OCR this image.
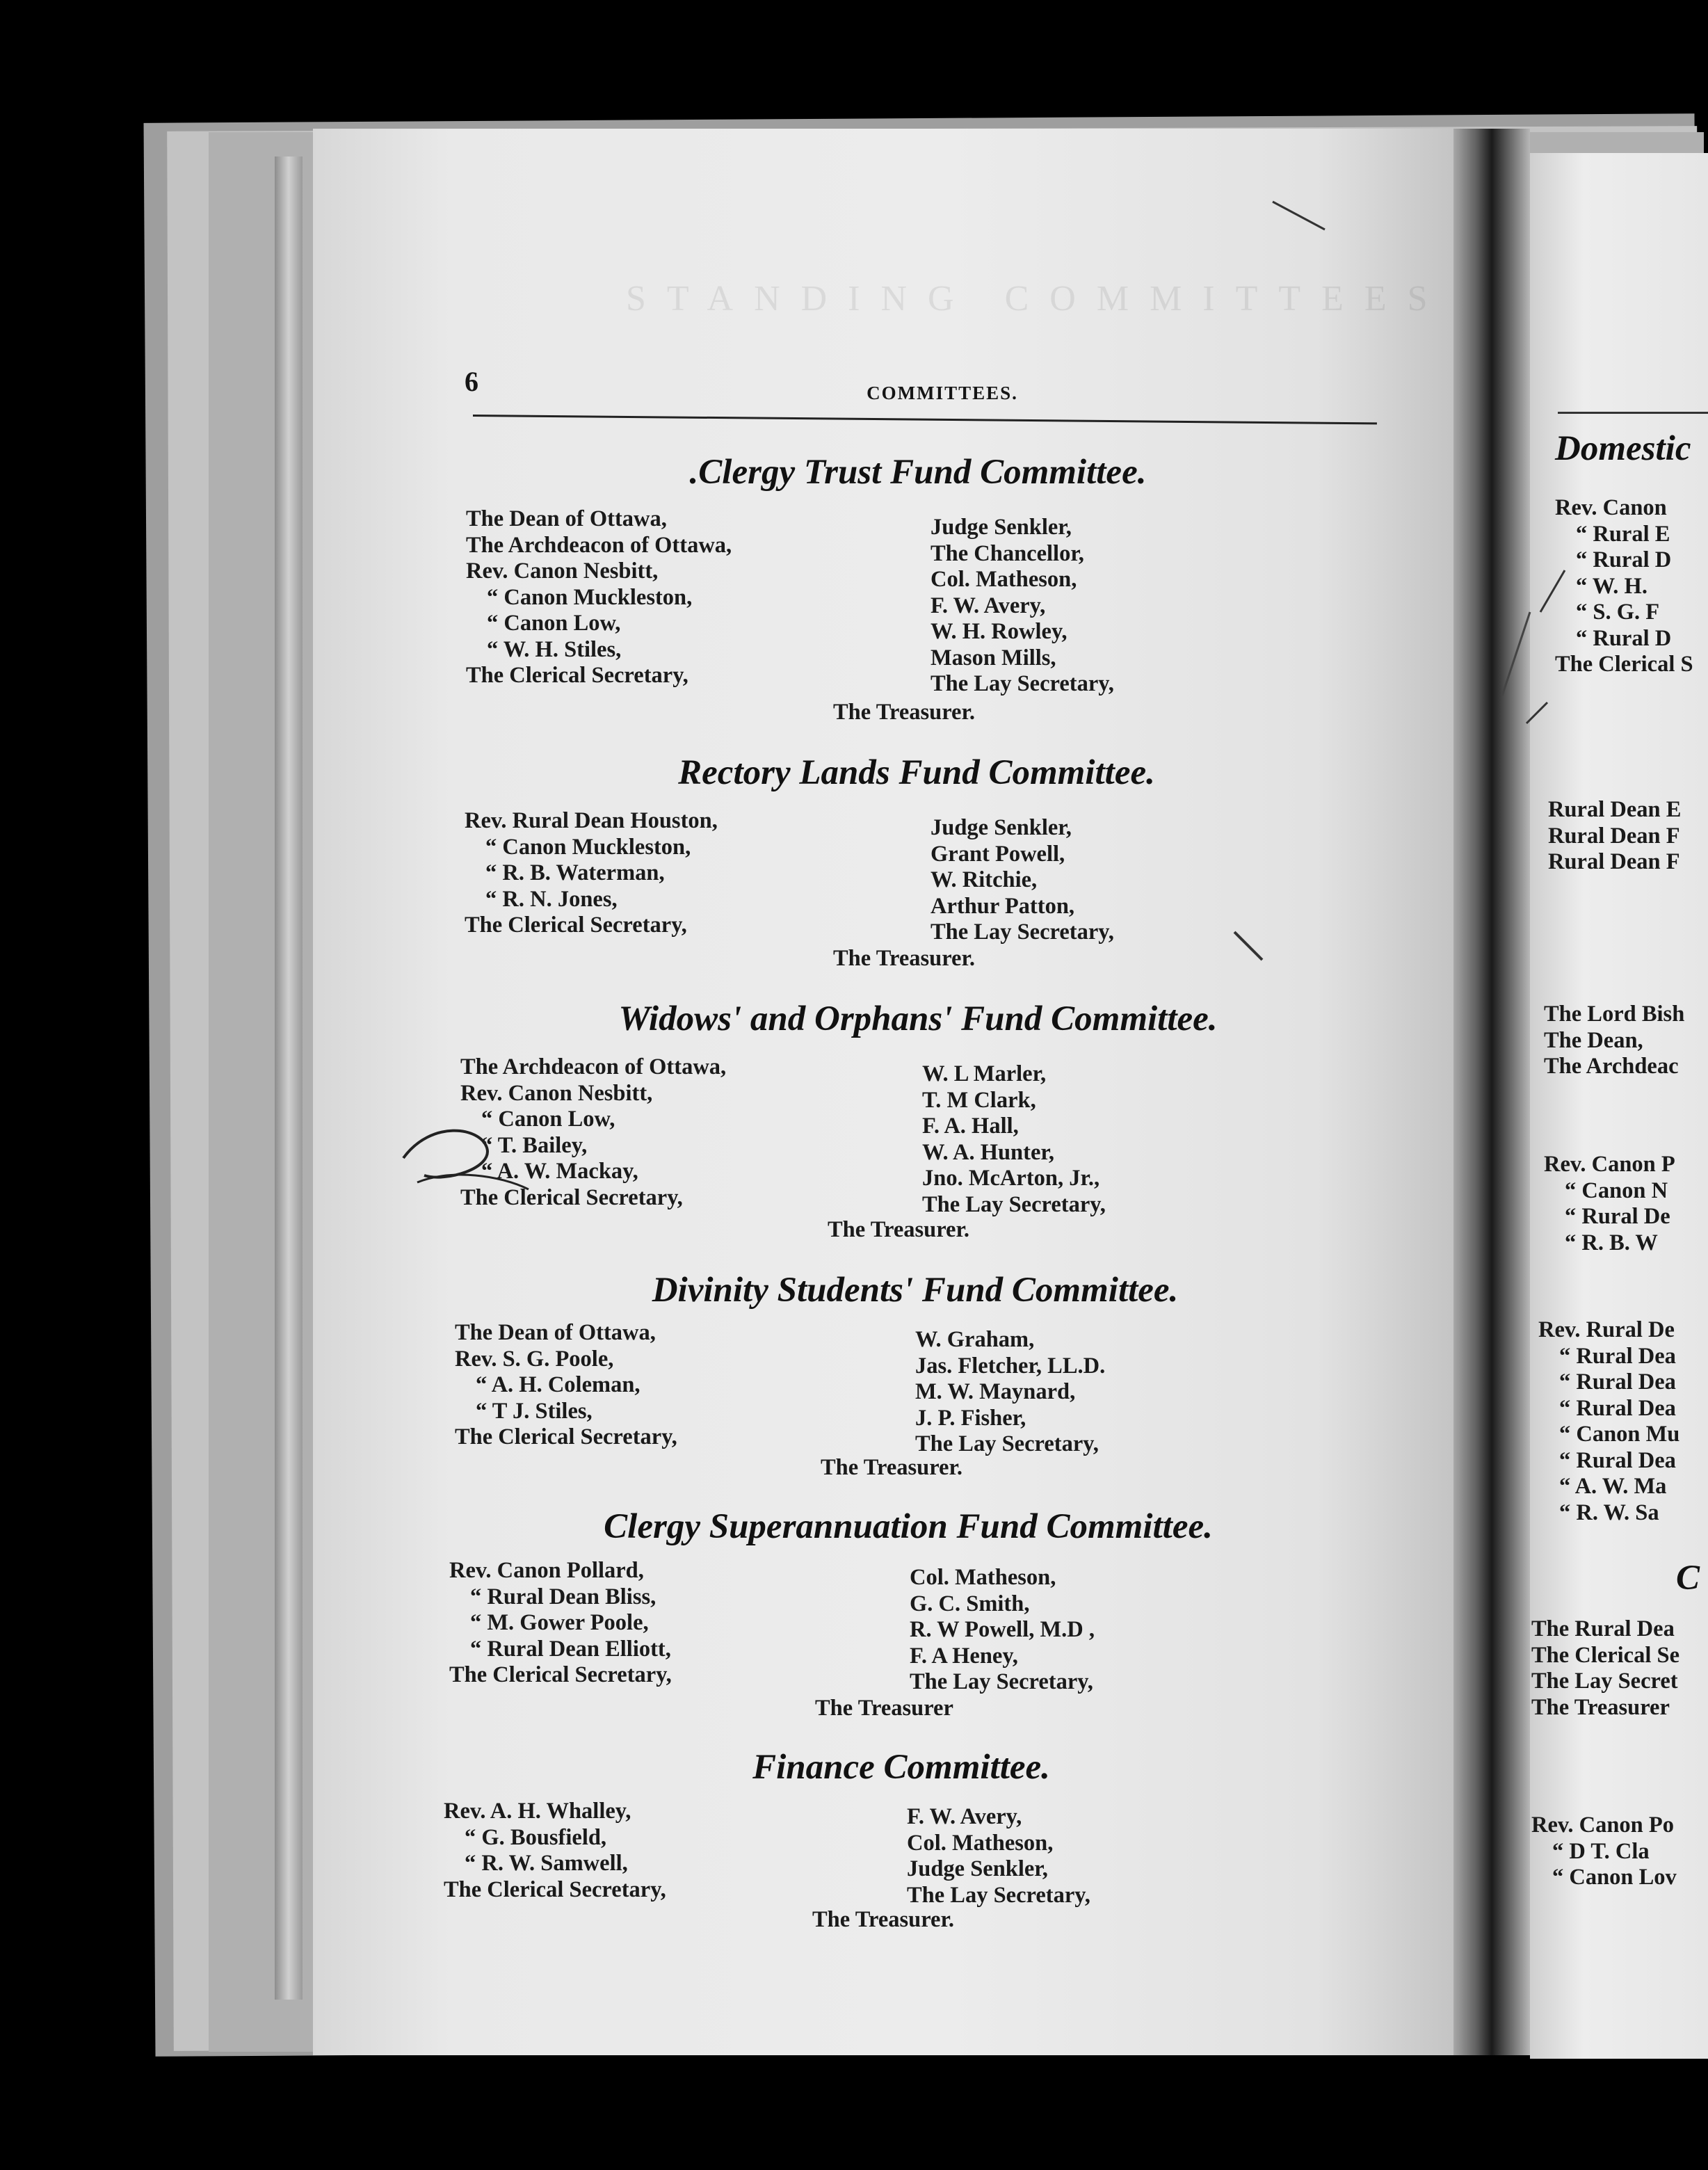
STANDING COMMITTEES
6	COMMITTEES.
.Clergy Trust Fund Committee.
The Dean of Ottawa,
The Archdeacon of Ottawa,
Rev. Canon Nesbitt,
“ Canon Muckleston,
“ Canon Low,
“ W. H. Stiles,
The Clerical Secretary,
Judge Senkler,
The Chancellor,
Col. Matheson,
F. W. Avery,
W. H. Rowley,
Mason Mills,
The Lay Secretary,
The Treasurer.
Rectory Lands Fund Committee.
Rev. Rural Dean Houston,
“ Canon Muckleston,
“ R. B. Waterman,
“ R. N. Jones,
The Clerical Secretary,
Judge Senkler,
Grant Powell,
W. Ritchie,
Arthur Patton,
The Lay Secretary,
The Treasurer.
Widows' and Orphans' Fund Committee.
The Archdeacon of Ottawa,
Rev. Canon Nesbitt,
“ Canon Low,
“ T. Bailey,
“ A. W. Mackay,
The Clerical Secretary,
W. L Marler,
T. M Clark,
F. A. Hall,
W. A. Hunter,
Jno. McArton, Jr.,
The Lay Secretary,
The Treasurer.
Divinity Students' Fund Committee.
The Dean of Ottawa,
Rev. S. G. Poole,
“ A. H. Coleman,
“ T J. Stiles,
The Clerical Secretary,
W. Graham,
Jas. Fletcher, LL.D.
M. W. Maynard,
J. P. Fisher,
The Lay Secretary,
The Treasurer.
Clergy Superannuation Fund Committee.
Rev. Canon Pollard,
“ Rural Dean Bliss,
“ M. Gower Poole,
“ Rural Dean Elliott,
The Clerical Secretary,
Col. Matheson,
G. C. Smith,
R. W Powell, M.D ,
F. A Heney,
The Lay Secretary,
The Treasurer
Finance Committee.
Rev. A. H. Whalley,
“ G. Bousfield,
“ R. W. Samwell,
The Clerical Secretary,
F. W. Avery,
Col. Matheson,
Judge Senkler,
The Lay Secretary,
The Treasurer.
Domestic
Rev. Canon
“ Rural E
“ Rural D
“ W. H.
“ S. G. F
“ Rural D
The Clerical S
Rural Dean E
Rural Dean F
Rural Dean F
The Lord Bish
The Dean,
The Archdeac
Rev. Canon P
“ Canon N
“ Rural De
“ R. B. W
Rev. Rural De
“ Rural Dea
“ Rural Dea
“ Rural Dea
“ Canon Mu
“ Rural Dea
“ A. W. Ma
“ R. W. Sa
C
The Rural Dea
The Clerical Se
The Lay Secret
The Treasurer
Rev. Canon Po
“ D T. Cla
“ Canon Lov
